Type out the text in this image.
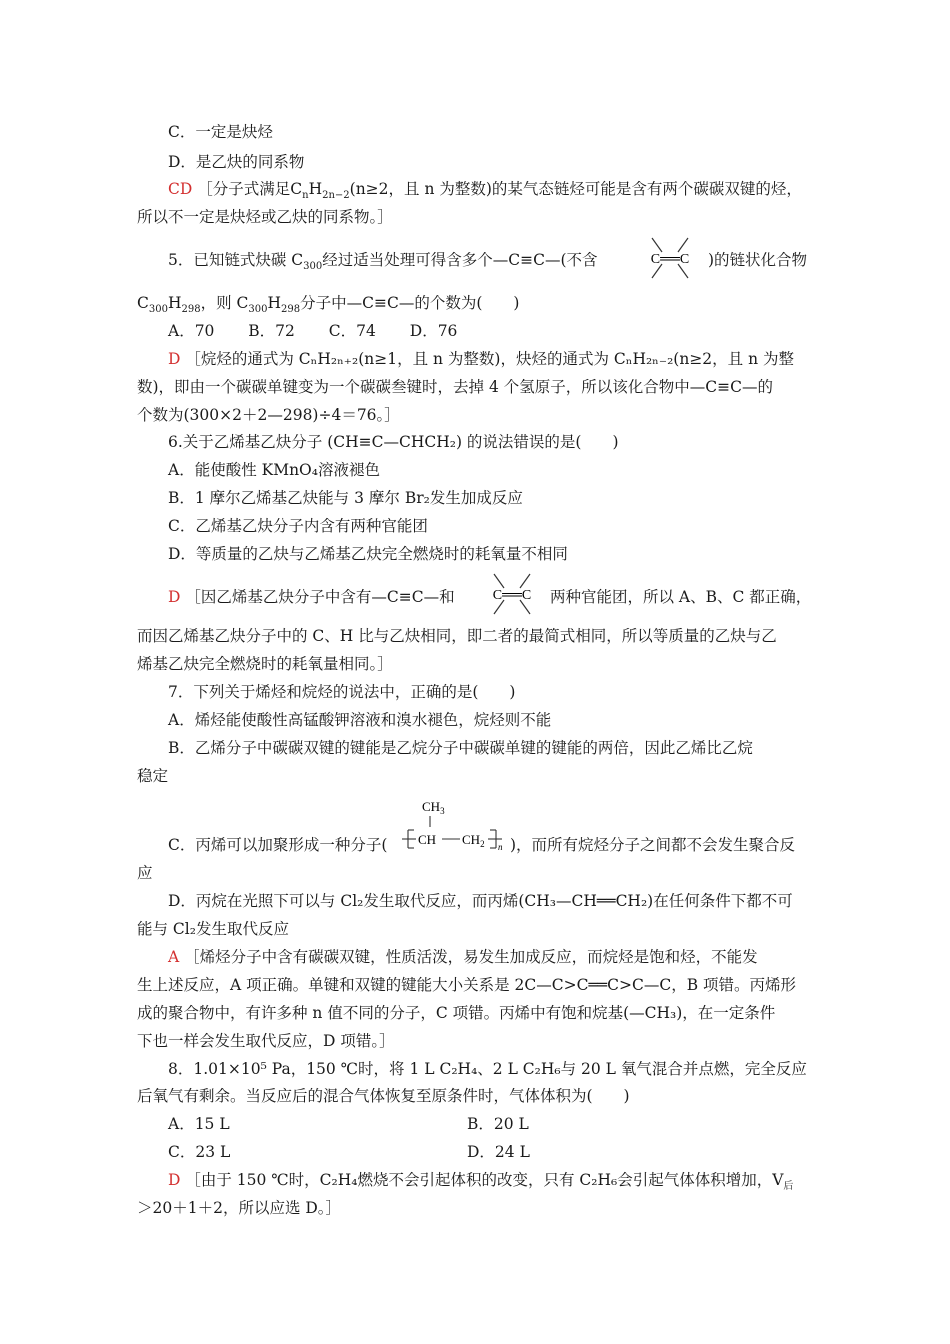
C．一定是炔烃
D．是乙炔的同系物
CD ［分子式满足$C_nH_{2n-2}(n\ge 2$，且 n 为整数)的某气态链烃可能是含有两个碳碳双键的烃，
所以不一定是炔烃或乙炔的同系物。］
5．已知链式炔碳 $C_{300}$经过适当处理可得含多个—C≡C—(不含	C══C )的链状化合物
$C_{300}H_{298}$，则 $C_{300}H_{298}$分子中—C≡C—的个数为(　　)
A．70 B．72 C．74 D．76
D ［烷烃的通式为 CₙH₂ₙ₊₂(n≥1，且 n 为整数)，炔烃的通式为 CₙH₂ₙ₋₂(n≥2，且 n 为整
数)，即由一个碳碳单键变为一个碳碳叁键时，去掉 4 个氢原子，所以该化合物中—C≡C—的
个数为(300×2＋2—298)÷4＝76。］
6.关于乙烯基乙炔分子 (CH≡C—CHCH₂) 的说法错误的是(　　)
A．能使酸性 KMnO₄溶液褪色
B．1 摩尔乙烯基乙炔能与 3 摩尔 Br₂发生加成反应
C．乙烯基乙炔分子内含有两种官能团
D．等质量的乙炔与乙烯基乙炔完全燃烧时的耗氧量不相同
D ［因乙烯基乙炔分子中含有—C≡C—和	C══C 两种官能团，所以 A、B、C 都正确，
而因乙烯基乙炔分子中的 C、H 比与乙炔相同，即二者的最简式相同，所以等质量的乙炔与乙
烯基乙炔完全燃烧时的耗氧量相同。］
7．下列关于烯烃和烷烃的说法中，正确的是(　　)
A．烯烃能使酸性高锰酸钾溶液和溴水褪色，烷烃则不能
B．乙烯分子中碳碳双键的键能是乙烷分子中碳碳单键的键能的两倍，因此乙烯比乙烷
稳定
C．丙烯可以加聚形成一种分子(
$CH_3$
CH $CH_2$ n )，而所有烷烃分子之间都不会发生聚合反
应
D．丙烷在光照下可以与 Cl₂发生取代反应，而丙烯(CH₃—CH══CH₂)在任何条件下都不可
能与 Cl₂发生取代反应
A ［烯烃分子中含有碳碳双键，性质活泼，易发生加成反应，而烷烃是饱和烃，不能发
生上述反应，A 项正确。单键和双键的键能大小关系是 2C—C>C══C>C—C，B 项错。丙烯形
成的聚合物中，有许多种 n 值不同的分子，C 项错。丙烯中有饱和烷基(—CH₃)，在一定条件
下也一样会发生取代反应，D 项错。］
8．1.01×10⁵ Pa，150 ℃时，将 1 L C₂H₄、2 L C₂H₆与 20 L 氧气混合并点燃，完全反应
后氧气有剩余。当反应后的混合气体恢复至原条件时，气体体积为(　　)
A．15 L	B．20 L
C．23 L	D．24 L
D ［由于 150 ℃时，C₂H₄燃烧不会引起体积的改变，只有 C₂H₆会引起气体体积增加，$V_后$
＞20＋1＋2，所以应选 D。］
